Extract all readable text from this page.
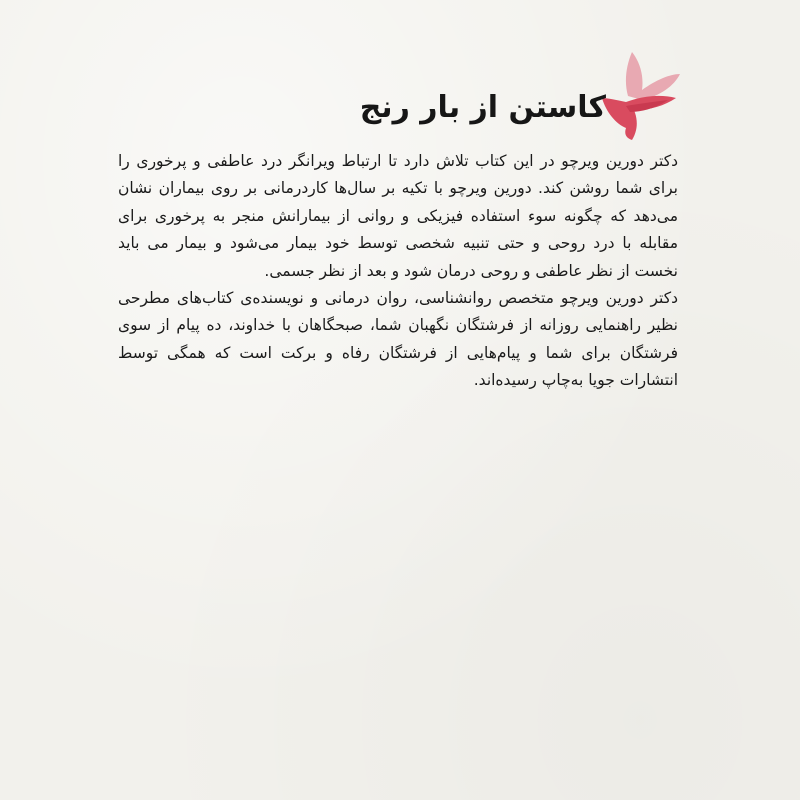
کاستن از بار رنج

دکتر دورین ویرچو در این کتاب تلاش دارد تا ارتباط ویرانگر درد عاطفی و پرخوری را برای شما روشن کند. دورین ویرچو با تکیه بر سال‌ها کاردرمانی بر روی بیماران نشان می‌دهد که چگونه سوء استفاده فیزیکی و روانی از بیمارانش منجر به پرخوری برای مقابله با درد روحی و حتی تنبیه شخصی توسط خود بیمار می‌شود و بیمار می باید نخست از نظر عاطفی و روحی درمان شود و بعد از نظر جسمی.

دکتر دورین ویرچو متخصص روانشناسی، روان درمانی و نویسنده‌ی کتاب‌های مطرحی نظیر راهنمایی روزانه از فرشتگان نگهبان شما، صبحگاهان با خداوند، ده پیام از سوی فرشتگان برای شما و پیام‌هایی از فرشتگان رفاه و برکت است که همگی توسط انتشارات جویا به‌چاپ رسیده‌اند.
